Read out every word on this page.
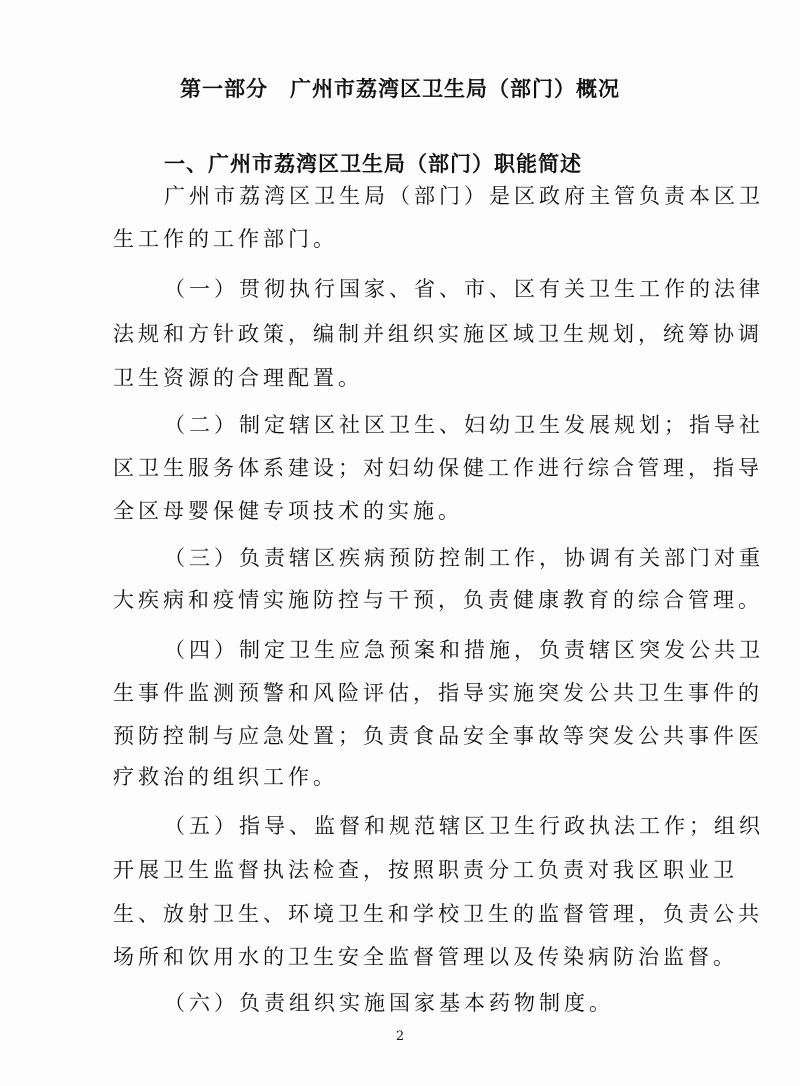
第一部分 广州市荔湾区卫生局（部门）概况
一、广州市荔湾区卫生局（部门）职能简述
广州市荔湾区卫生局（部门）是区政府主管负责本区卫
生工作的工作部门。
（一）贯彻执行国家、省、市、区有关卫生工作的法律
法规和方针政策，编制并组织实施区域卫生规划，统筹协调
卫生资源的合理配置。
（二）制定辖区社区卫生、妇幼卫生发展规划；指导社
区卫生服务体系建设；对妇幼保健工作进行综合管理，指导
全区母婴保健专项技术的实施。
（三）负责辖区疾病预防控制工作，协调有关部门对重
大疾病和疫情实施防控与干预，负责健康教育的综合管理。
（四）制定卫生应急预案和措施，负责辖区突发公共卫
生事件监测预警和风险评估，指导实施突发公共卫生事件的
预防控制与应急处置；负责食品安全事故等突发公共事件医
疗救治的组织工作。
（五）指导、监督和规范辖区卫生行政执法工作；组织
开展卫生监督执法检查，按照职责分工负责对我区职业卫
生、放射卫生、环境卫生和学校卫生的监督管理，负责公共
场所和饮用水的卫生安全监督管理以及传染病防治监督。
（六）负责组织实施国家基本药物制度。
2
